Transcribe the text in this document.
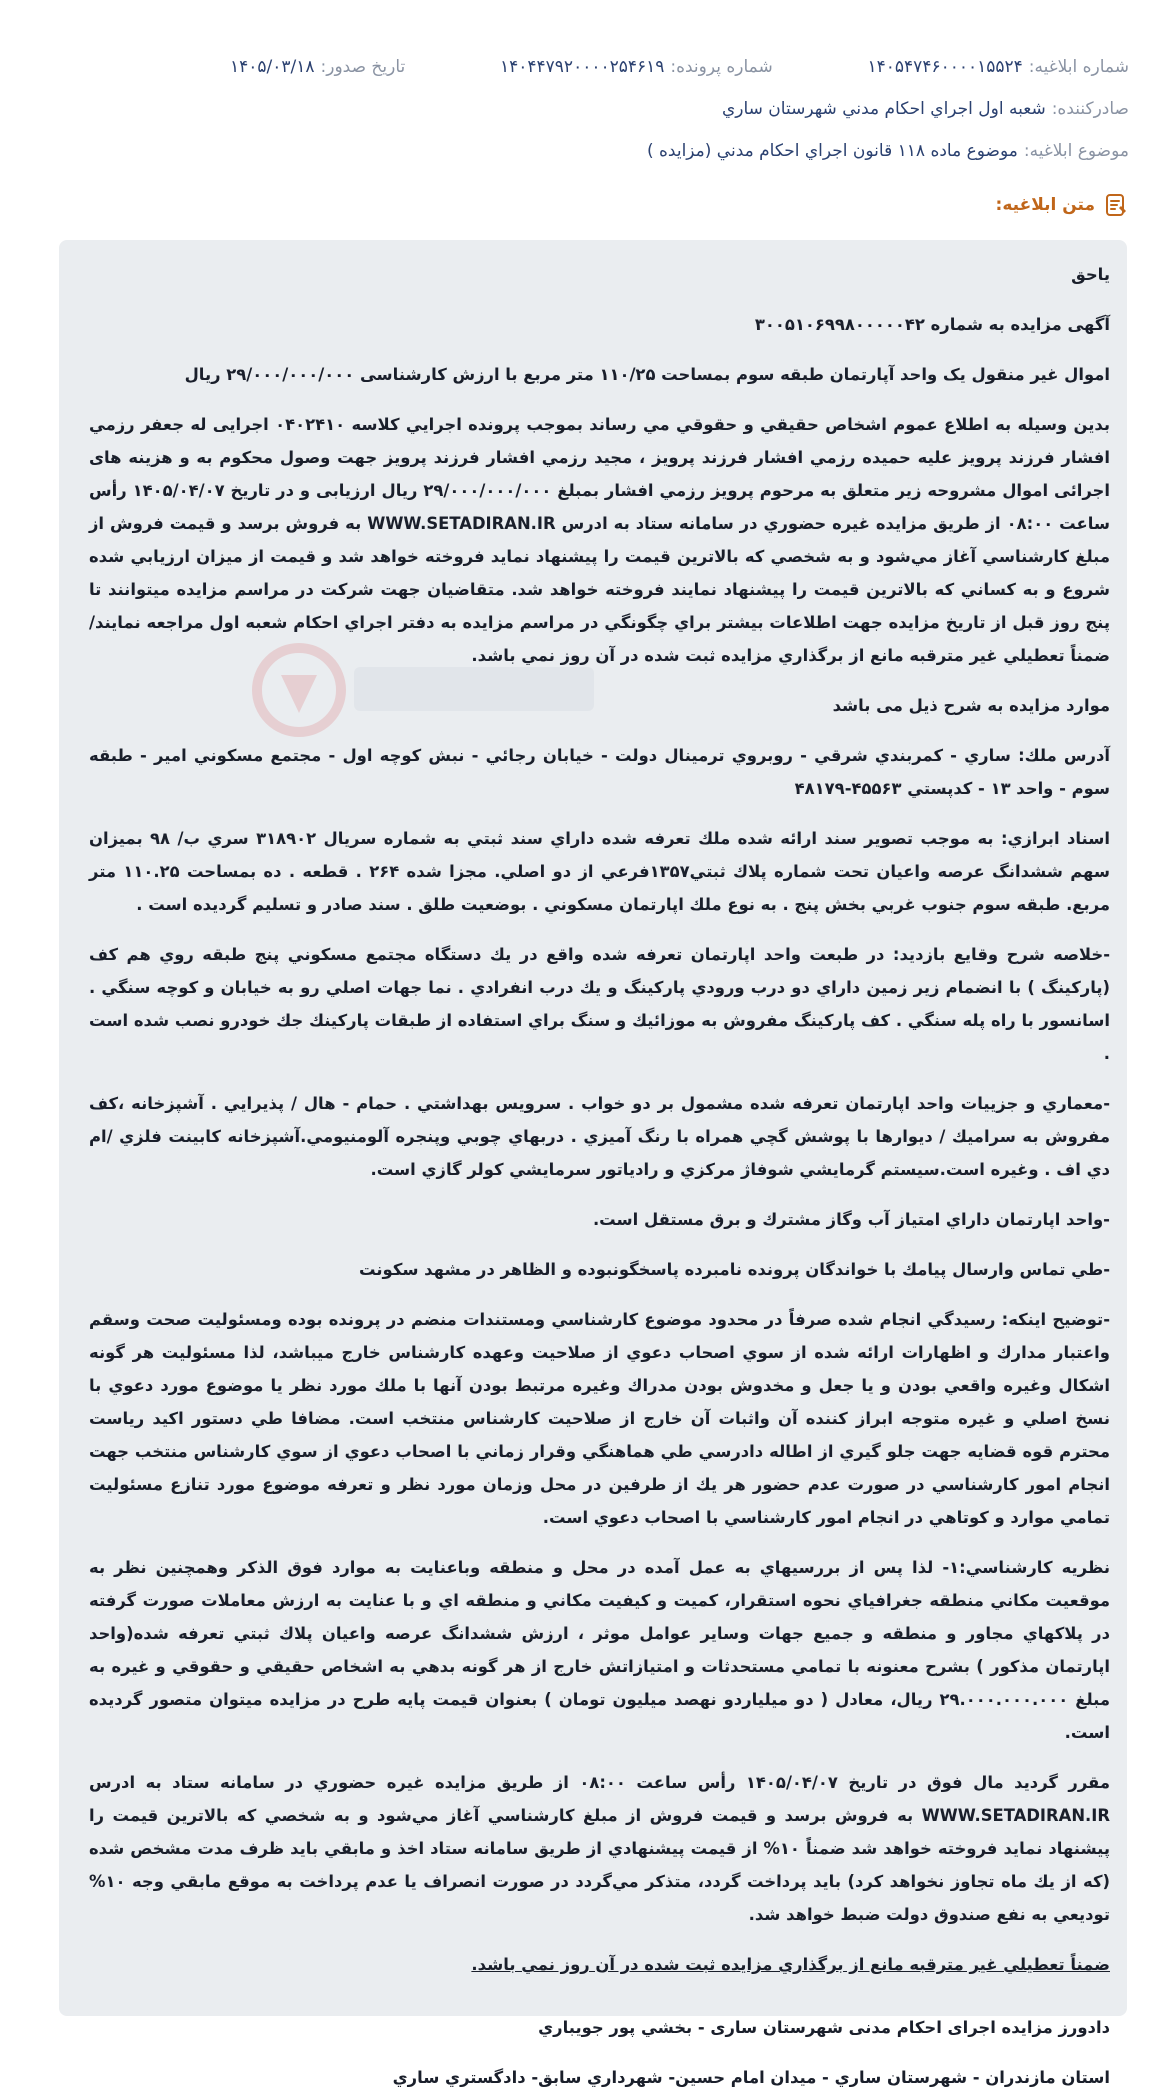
شماره ابلاغیه:
۱۴۰۵۴۷۴۶۰۰۰۰۱۵۵۲۴
شماره پرونده:
۱۴۰۴۴۷۹۲۰۰۰۰۲۵۴۶۱۹
تاریخ صدور:
۱۴۰۵/۰۳/۱۸
صادرکننده:
شعبه اول اجراي احكام مدني شهرستان ساري
موضوع ابلاغیه:
موضوع ماده ۱۱۸ قانون اجراي احكام مدني (مزايده )
متن ابلاغیه:

ياحق

آگهی مزایده به شماره ۳۰۰۵۱۰۶۹۹۸۰۰۰۰۰۴۲

اموال غير منقول یک واحد آپارتمان طبقه سوم بمساحت ۱۱۰/۲۵ متر مربع با ارزش کارشناسی ۲۹/۰۰۰/۰۰۰/۰۰۰ ریال

بدين وسيله به اطلاع عموم اشخاص حقيقي و حقوقي مي رساند بموجب پرونده اجرايي كلاسه ۰۴۰۲۴۱۰ اجرایی له جعفر رزمي افشار فرزند پرويز عليه حميده رزمي افشار فرزند پرويز ، مجيد رزمي افشار فرزند پرويز جهت وصول محکوم به و هزینه های اجرائی اموال مشروحه زیر متعلق به مرحوم پرويز رزمي افشار بمبلغ ۲۹/۰۰۰/۰۰۰/۰۰۰ ریال ارزیابی و در تاريخ ۱۴۰۵/۰۴/۰۷ رأس ساعت ۰۸:۰۰ از طريق مزايده غيره حضوري در سامانه ستاد به ادرس WWW.SETADIRAN.IR به فروش برسد و قيمت فروش از مبلغ كارشناسي آغاز مي‌شود و به شخصي كه بالاترين قيمت را پيشنهاد نمايد فروخته خواهد شد و قيمت از ميزان ارزيابي شده شروع و به كساني كه بالاترين قيمت را پيشنهاد نمايند فروخته خواهد شد. متقاضيان جهت شركت در مراسم مزايده ميتوانند تا پنج روز قبل از تاريخ مزايده جهت اطلاعات بيشتر براي چگونگي در مراسم مزايده به دفتر اجراي احكام شعبه اول مراجعه نمايند/ ضمناً تعطيلي غير مترقبه مانع از برگذاري مزايده ثبت شده در آن روز نمي باشد.

موارد مزایده به شرح ذیل می باشد

آدرس ملك: ساري - كمربندي شرقي - روبروي ترمينال دولت - خيابان رجائي - نبش كوچه اول - مجتمع مسكوني امير - طبقه سوم - واحد ۱۳ - كدپستي ۴۵۵۶۳-۴۸۱۷۹

اسناد ابرازي: به موجب تصوير سند ارائه شده ملك تعرفه شده داراي سند ثبتي به شماره سريال ۳۱۸۹۰۲ سري ب/ ۹۸ بميزان سهم ششدانگ عرصه واعيان تحت شماره پلاك ثبتي۱۳۵۷فرعي از دو اصلي. مجزا شده ۲۶۴ . قطعه . ده بمساحت ۱۱۰.۲۵ متر مربع. طبقه سوم جنوب غربي بخش پنج . به نوع ملك اپارتمان مسكوني . بوضعيت طلق . سند صادر و تسليم گرديده است .

-خلاصه شرح وقايع بازديد: در طبعت واحد اپارتمان تعرفه شده واقع در يك دستگاه مجتمع مسكوني پنج طبقه روي هم كف (پاركينگ ) با انضمام زير زمين داراي دو درب ورودي پاركينگ و يك درب انفرادي . نما جهات اصلي رو به خيابان و كوچه سنگي . اسانسور با راه پله سنگي . كف پاركينگ مفروش به موزائيك و سنگ براي استفاده از طبقات پاركينك جك خودرو نصب شده است .

-معماري و جزييات واحد اپارتمان تعرفه شده مشمول بر دو خواب . سرويس بهداشتي . حمام - هال / پذيرايي . آشپزخانه ،كف مفروش به سراميك / ديوارها با پوشش گچي همراه با رنگ آميزي . دربهاي چوبي وپنجره آلومنيومي.آشپزخانه كابينت فلزي /ام دي اف . وغيره است.سيستم گرمايشي شوفاژ مركزي و رادياتور سرمايشي كولر گازي است.

-واحد اپارتمان داراي امتياز آب وگاز مشترك و برق مستقل است.

-طي تماس وارسال پيامك با خواندگان پرونده نامبرده پاسخگونبوده و الظاهر در مشهد سكونت

-توضيح اينكه: رسيدگي انجام شده صرفاً در محدود موضوع كارشناسي ومستندات منضم در پرونده بوده ومسئوليت صحت وسقم واعتبار مدارك و اظهارات ارائه شده از سوي اصحاب دعوي از صلاحيت وعهده كارشناس خارج ميباشد، لذا مسئوليت هر گونه اشكال وغيره واقعي بودن و يا جعل و مخدوش بودن مدراك وغيره مرتبط بودن آنها با ملك مورد نظر يا موضوع مورد دعوي با نسخ اصلي و غيره متوجه ابراز كننده آن واثبات آن خارج از صلاحيت كارشناس منتخب است. مضافا طي دستور اكيد رياست محترم قوه قضايه جهت جلو گيري از اطاله دادرسي طي هماهنگي وقرار زماني با اصحاب دعوي از سوي كارشناس منتخب جهت انجام امور كارشناسي در صورت عدم حضور هر يك از طرفين در محل وزمان مورد نظر و تعرفه موضوع مورد تنازع مسئوليت تمامي موارد و كوتاهي در انجام امور كارشناسي با اصحاب دعوي است.

نظريه كارشناسي:۱- لذا پس از بررسيهاي به عمل آمده در محل و منطقه وباعنايت به موارد فوق الذكر وهمچنين نظر به موقعيت مكاني منطقه جغرافياي نحوه استقرار، كميت و كيفيت مكاني و منطقه اي و با عنايت به ارزش معاملات صورت گرفته در پلاكهاي مجاور و منطقه و جميع جهات وساير عوامل موثر ، ارزش ششدانگ عرصه واعيان پلاك ثبتي تعرفه شده(واحد اپارتمان مذكور ) بشرح معنونه با تمامي مستحدثات و امتيازاتش خارج از هر گونه بدهي به اشخاص حقيقي و حقوقي و غيره به مبلغ ۲۹.۰۰۰.۰۰۰.۰۰۰ ريال، معادل ( دو ميلياردو نهصد ميليون تومان ) بعنوان قيمت پايه طرح در مزايده ميتوان متصور گرديده است.

مقرر گرديد مال فوق در تاريخ ۱۴۰۵/۰۴/۰۷ رأس ساعت ۰۸:۰۰ از طريق مزايده غيره حضوري در سامانه ستاد به ادرس WWW.SETADIRAN.IR به فروش برسد و قيمت فروش از مبلغ كارشناسي آغاز مي‌شود و به شخصي كه بالاترين قيمت را پيشنهاد نمايد فروخته خواهد شد ضمناً ۱۰% از قيمت پيشنهادي از طريق سامانه ستاد اخذ و مابقي بايد ظرف مدت مشخص شده (كه از يك ماه تجاوز نخواهد كرد) بايد پرداخت گردد، متذكر مي‌گردد در صورت انصراف يا عدم پرداخت به موقع مابقي وجه ۱۰% توديعي به نفع صندوق دولت ضبط خواهد شد.

ضمناً تعطيلي غير مترقبه مانع از برگذاري مزايده ثبت شده در آن روز نمي باشد.

دادورز مزايده اجرای احکام مدنی شهرستان ساری - بخشي پور جويباري

استان مازندران - شهرستان ساري - ميدان امام حسين- شهرداري سابق- دادگستري ساري
